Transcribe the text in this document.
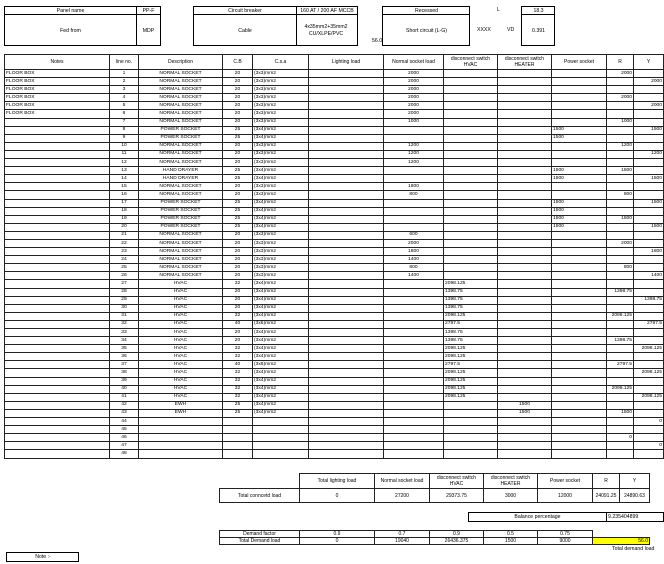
Panel name	PP-F
Fed from	MDP
Circuit breaker	160 AT / 200 AF MCCB
Cable
4x35mm2+35mm2 CU/XLPE/PVC
56.0
Recessed
Short circuit (L-G)	XXXX
L
VD
18.3
0.391
Notes	line no.	Description	C.B	C.s.a	Lighting load	Normal socket load	disconnect switch HVAC	disconnect switch HEATER	Power socket	R	Y
FLOOR BOX	1	NORMAL SOCKET	20	(3x3)mm2		2000				2000	
FLOOR BOX	2	NORMAL SOCKET	20	(3x3)mm2		2000					2000
FLOOR BOX	3	NORMAL SOCKET	20	(3x3)mm2		2000					
FLOOR BOX	4	NORMAL SOCKET	20	(3x3)mm2		2000				2000	
FLOOR BOX	5	NORMAL SOCKET	20	(3x3)mm2		2000					2000
FLOOR BOX	6	NORMAL SOCKET	20	(3x3)mm2		2000					
	7	NORMAL SOCKET	20	(3x3)mm2		1000				1000	
	8	POWER SOCKET	25	(3x4)mm2					1500		1500
	9	POWER SOCKET	25	(3x4)mm2					1500		
	10	NORMAL SOCKET	20	(3x3)mm2		1200				1200	
	11	NORMAL SOCKET	20	(3x3)mm2		1200					1200
	12	NORMAL SOCKET	20	(3x3)mm2		1200					
	13	HAND DRAYER	25	(3x4)mm2					1500	1500	
	14	HAND DRAYER	25	(3x4)mm2					1500		1500
	15	NORMAL SOCKET	20	(3x3)mm2		1800					
	16	NORMAL SOCKET	20	(3x3)mm2		800				800	
	17	POWER SOCKET	25	(3x4)mm2					1500		1500
	18	POWER SOCKET	25	(3x4)mm2					1500		
	19	POWER SOCKET	25	(3x4)mm2					1500	1500	
	20	POWER SOCKET	25	(3x4)mm2					1500		1500
	21	NORMAL SOCKET	20	(3x3)mm2		600					
	22	NORMAL SOCKET	20	(3x3)mm2		2000				2000	
	23	NORMAL SOCKET	20	(3x3)mm2		1800					1800
	24	NORMAL SOCKET	20	(3x3)mm2		1400					
	25	NORMAL SOCKET	20	(3x3)mm2		800				800	
	26	NORMAL SOCKET	20	(3x3)mm2		1400					1400
	27	HVAC	32	(3x4)mm2			2098.125				
	28	HVAC	20	(3x4)mm2			1398.75			1398.75	
	29	HVAC	20	(3x4)mm2			1398.75				1398.75
	30	HVAC	20	(3x4)mm2			1398.75				
	31	HVAC	32	(3x4)mm2			2098.125			2098.125	
	32	HVAC	40	(3x6)mm2			2797.5				2797.5
	33	HVAC	20	(3x4)mm2			1398.75				
	34	HVAC	20	(3x4)mm2			1398.75			1398.75	
	35	HVAC	32	(3x4)mm2			2098.125				2098.125
	36	HVAC	32	(3x4)mm2			2098.125				
	37	HVAC	40	(3x6)mm2			2797.5			2797.5	
	38	HVAC	32	(3x4)mm2			2098.125				2098.125
	39	HVAC	32	(3x4)mm2			2098.125				
	40	HVAC	32	(3x4)mm2			2098.125			2098.125	
	41	HVAC	32	(3x4)mm2			2098.125				2098.125
	42	EWH	25	(3x4)mm2				1500			
	43	EWH	25	(3x4)mm2				1500		1500	
	44										0
	45										
	46									0	
	47										0
	48										
	Total lighting load	Normal socket load	disconnect switch HVAC	disconnect switch HEATER	Power socket	R	Y
Total conncetd load	0	27200	29373.75	3000	12000	24091.25	24890.63
Balance percentage	9.235404899
Demand factor	0.9	0.7	0.9	0.5	0.75	
Total Demand load	0	19040	26436.375	1500	9000	56.0
Total demand load
Note :-
